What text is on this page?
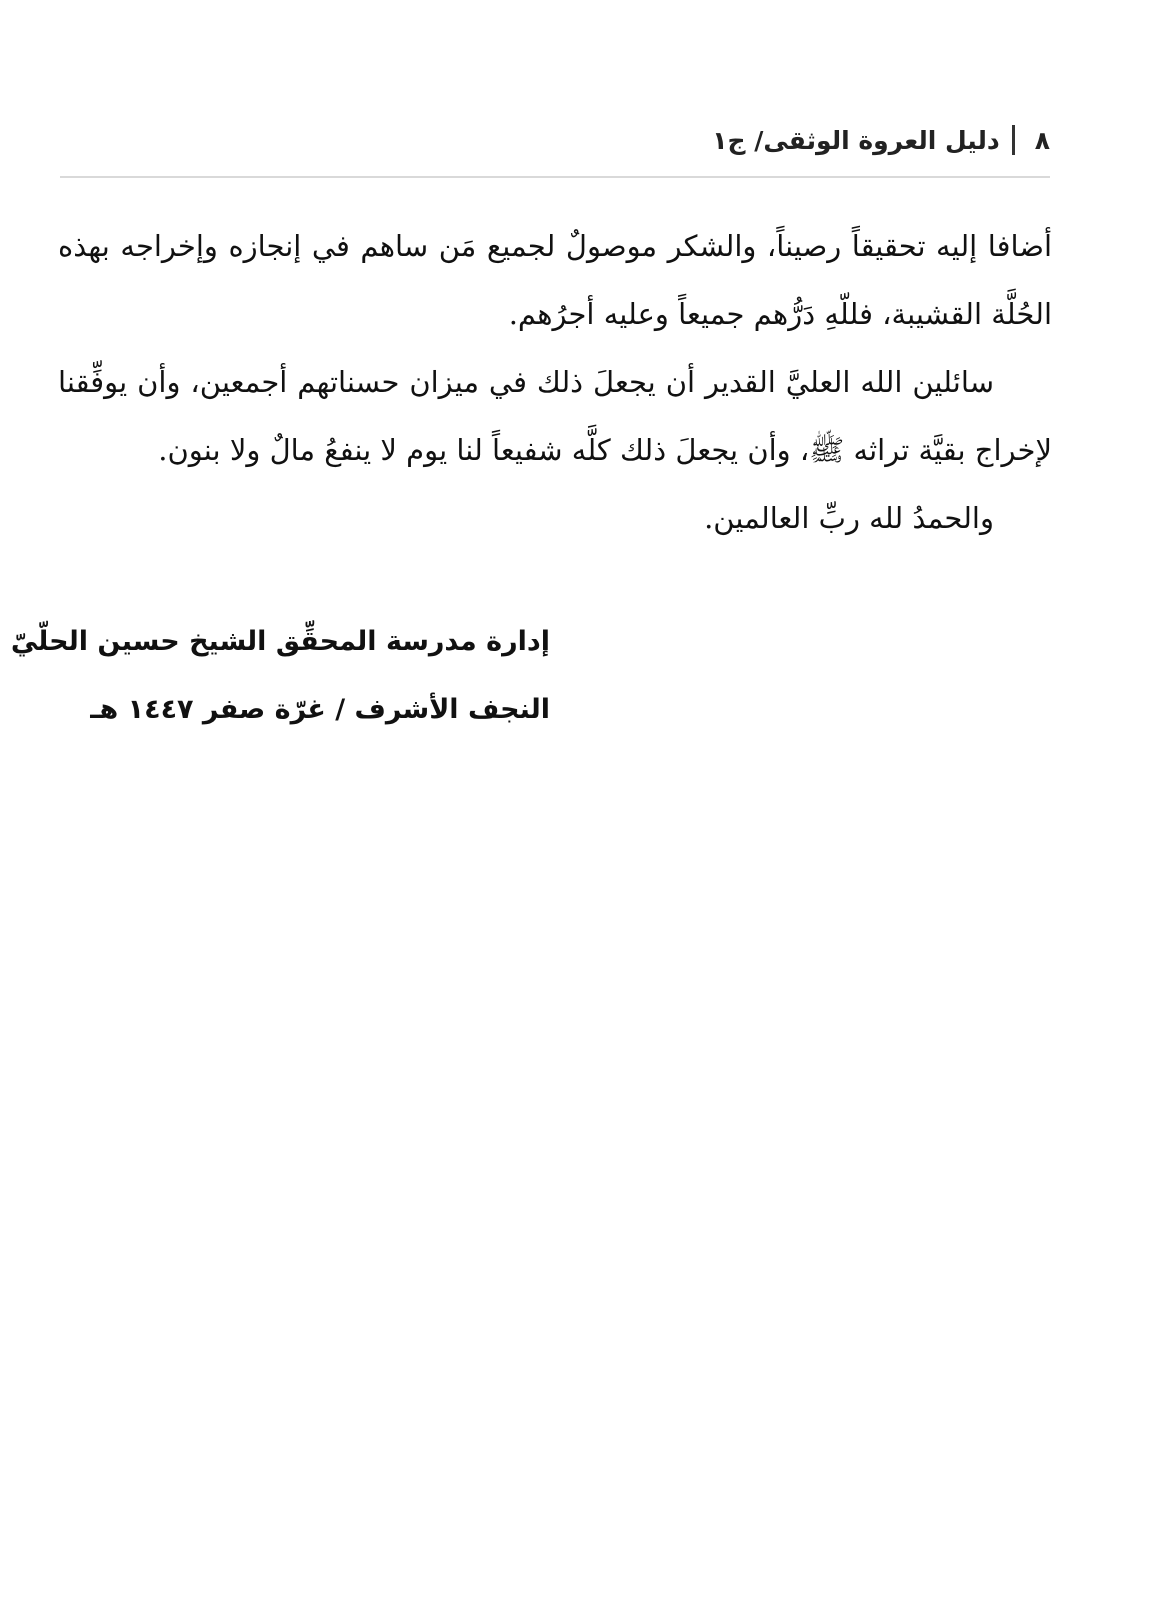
٨
دليل العروة الوثقى/ ج١

أضافا إليه تحقيقاً رصيناً، والشكر موصولٌ لجميع مَن ساهم في إنجازه وإخراجه بهذه الحُلَّة القشيبة، فللّهِ دَرُّهم جميعاً وعليه أجرُهم.

سائلين الله العليَّ القدير أن يجعلَ ذلك في ميزان حسناتهم أجمعين، وأن يوفِّقنا لإخراج بقيَّة تراثه ﷺ، وأن يجعلَ ذلك كلَّه شفيعاً لنا يوم لا ينفعُ مالٌ ولا بنون.

والحمدُ لله ربِّ العالمين.

إدارة مدرسة المحقِّق الشيخ حسين الحلّيّ
النجف الأشرف / غرّة صفر ١٤٤٧ هـ
